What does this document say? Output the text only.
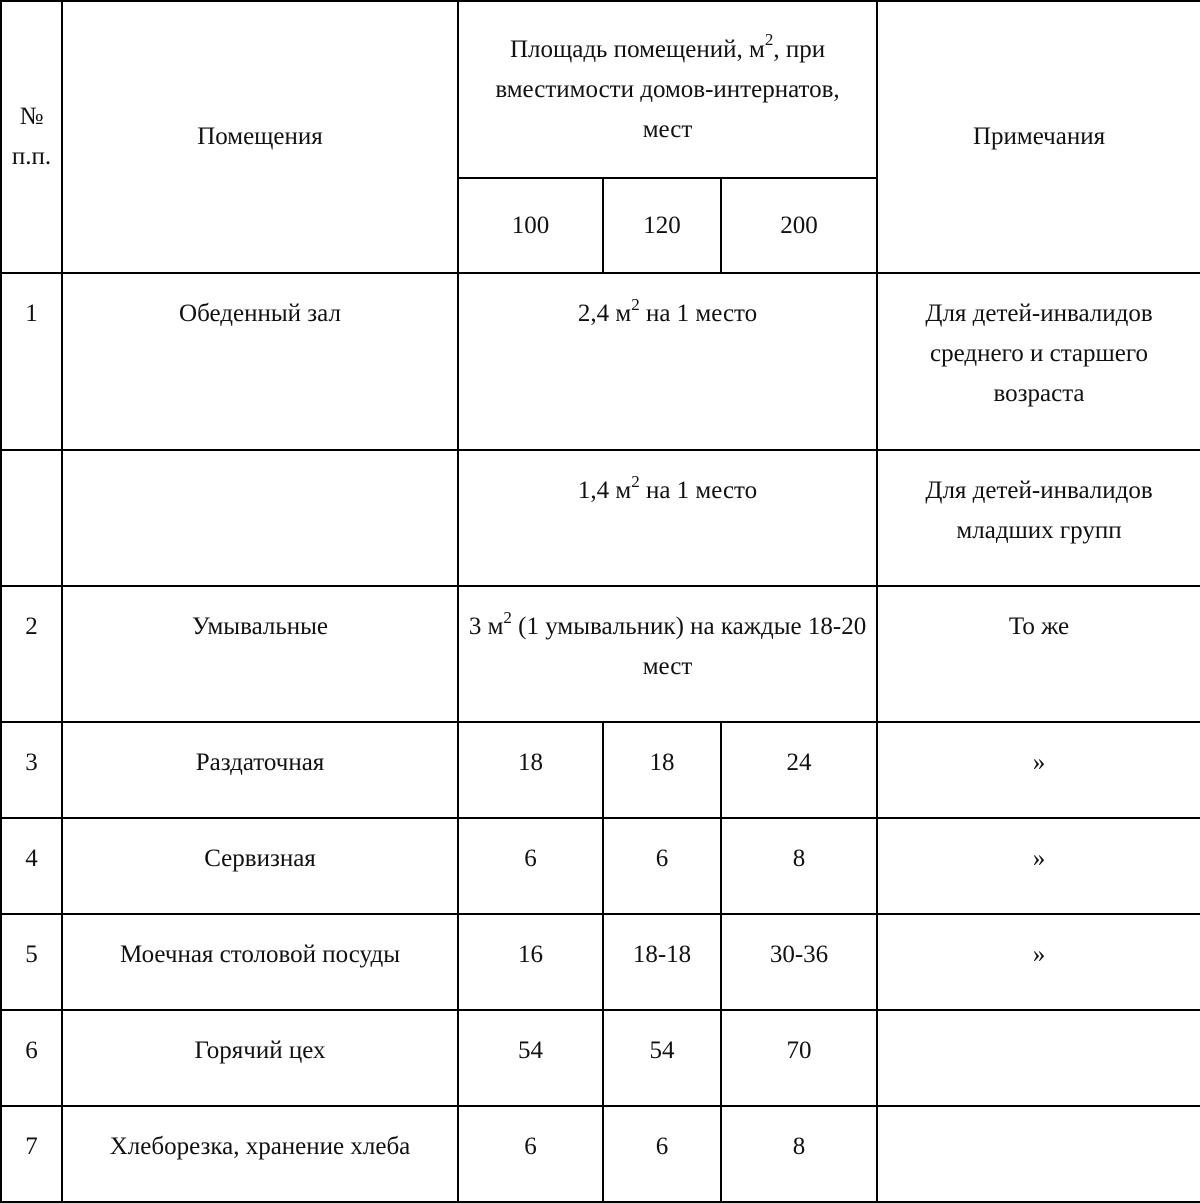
№ п.п.	Помещения	Площадь помещений, $м^2$, при вместимости домов-интернатов, мест			Примечания
		100	120	200	
1	Обеденный зал	2,4 $м^2$ на 1 место			Для детей-инвалидов среднего и старшего возраста
		1,4 $м^2$ на 1 место			Для детей-инвалидов младших групп
2	Умывальные	3 $м^2$ (1 умывальник) на каждые 18-20 мест			То же
3	Раздаточная	18	18	24	»
4	Сервизная	6	6	8	»
5	Моечная столовой посуды	16	18-18	30-36	»
6	Горячий цех	54	54	70	
7	Хлеборезка, хранение хлеба	6	6	8	
